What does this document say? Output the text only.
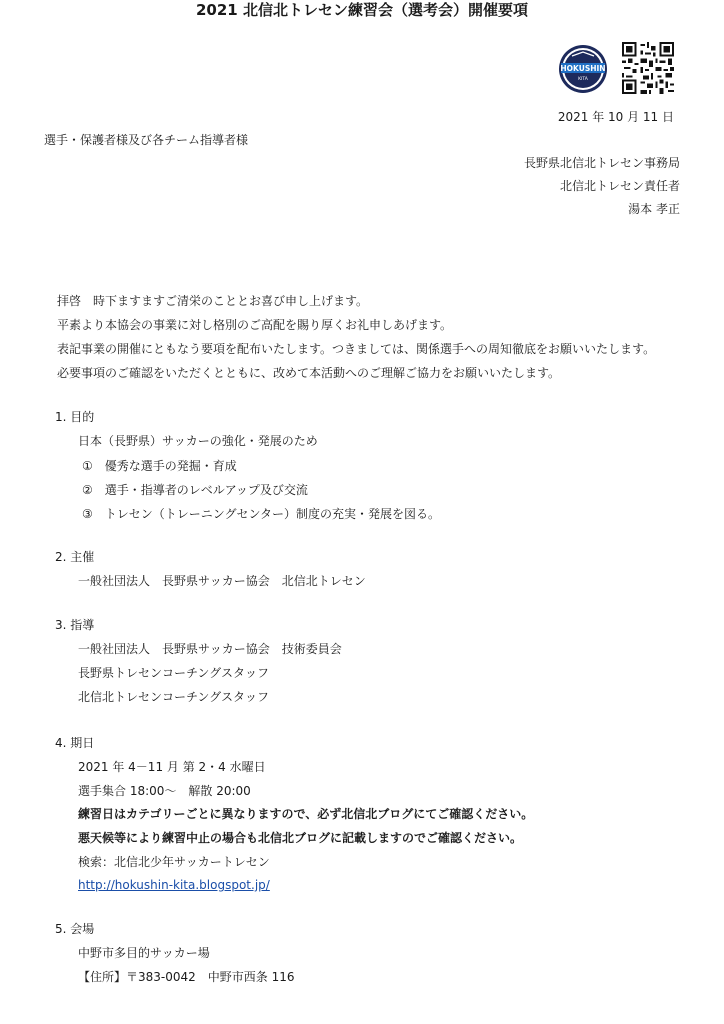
HOKUSHIN
KITA
2021 年 10 月 11 日
選手・保護者様及び各チーム指導者様
長野県北信北トレセン事務局
北信北トレセン責任者
湯本 孝正
2021 北信北トレセン練習会（選考会）開催要項
拝啓　時下ますますご清栄のこととお喜び申し上げます。
平素より本協会の事業に対し格別のご高配を賜り厚くお礼申しあげます。
表記事業の開催にともなう要項を配布いたします。つきましては、関係選手への周知徹底をお願いいたします。
必要事項のご確認をいただくとともに、改めて本活動へのご理解ご協力をお願いいたします。
1. 目的
日本（長野県）サッカーの強化・発展のため
①　優秀な選手の発掘・育成
②　選手・指導者のレベルアップ及び交流
③　トレセン（トレーニングセンター）制度の充実・発展を図る。
2. 主催
一般社団法人　長野県サッカー協会　北信北トレセン
3. 指導
一般社団法人　長野県サッカー協会　技術委員会
長野県トレセンコーチングスタッフ
北信北トレセンコーチングスタッフ
4. 期日
2021 年 4－11 月 第 2・4 水曜日
選手集合 18:00～　解散 20:00
練習日はカテゴリーごとに異なりますので、必ず北信北ブログにてご確認ください。
悪天候等により練習中止の場合も北信北ブログに記載しますのでご確認ください。
検索：北信北少年サッカートレセン
http://hokushin-kita.blogspot.jp/
5. 会場
中野市多目的サッカー場
【住所】〒383-0042　中野市西条 116
